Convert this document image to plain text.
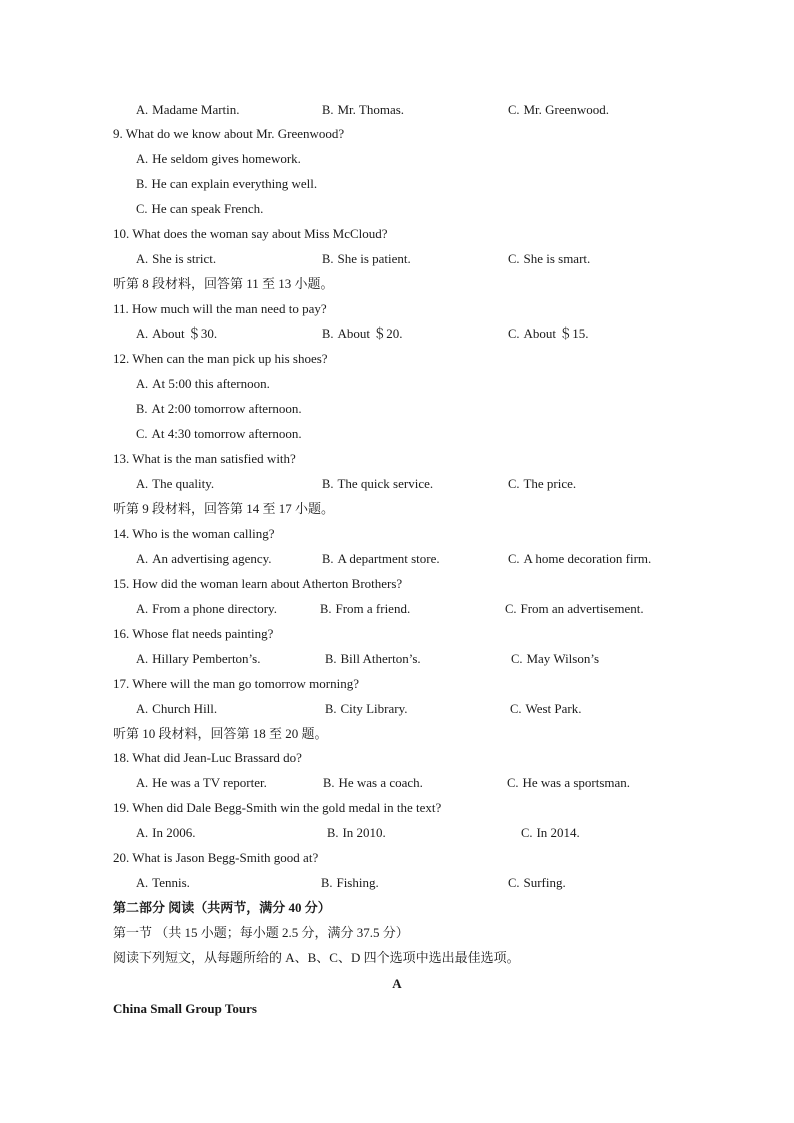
A. Madame Martin.	B. Mr. Thomas.	C. Mr. Greenwood.
9. What do we know about Mr. Greenwood?
A. He seldom gives homework.
B. He can explain everything well.
C. He can speak French.
10. What does the woman say about Miss McCloud?
A. She is strict.	B. She is patient.	C. She is smart.
听第 8 段材料，回答第 11 至 13 小题。
11. How much will the man need to pay?
A. About ＄30.	B. About ＄20.	C. About ＄15.
12. When can the man pick up his shoes?
A. At 5:00 this afternoon.
B. At 2:00 tomorrow afternoon.
C. At 4:30 tomorrow afternoon.
13. What is the man satisfied with?
A. The quality.	B. The quick service.	C. The price.
听第 9 段材料，回答第 14 至 17 小题。
14. Who is the woman calling?
A. An advertising agency.	B. A department store.	C. A home decoration firm.
15. How did the woman learn about Atherton Brothers?
A. From a phone directory.	B. From a friend.	C. From an advertisement.
16. Whose flat needs painting?
A. Hillary Pemberton’s.	B. Bill Atherton’s.	C. May Wilson’s
17. Where will the man go tomorrow morning?
A. Church Hill.	B. City Library.	C. West Park.
听第 10 段材料，回答第 18 至 20 题。
18. What did Jean-Luc Brassard do?
A. He was a TV reporter.	B. He was a coach.	C. He was a sportsman.
19. When did Dale Begg-Smith win the gold medal in the text?
A. In 2006.	B. In 2010.	C. In 2014.
20. What is Jason Begg-Smith good at?
A. Tennis.	B. Fishing.	C. Surfing.
第二部分 阅读（共两节，满分 40 分）
第一节 （共 15 小题；每小题 2.5 分，满分 37.5 分）
阅读下列短文，从每题所给的 A、B、C、D 四个选项中选出最佳选项。
A
China Small Group Tours
